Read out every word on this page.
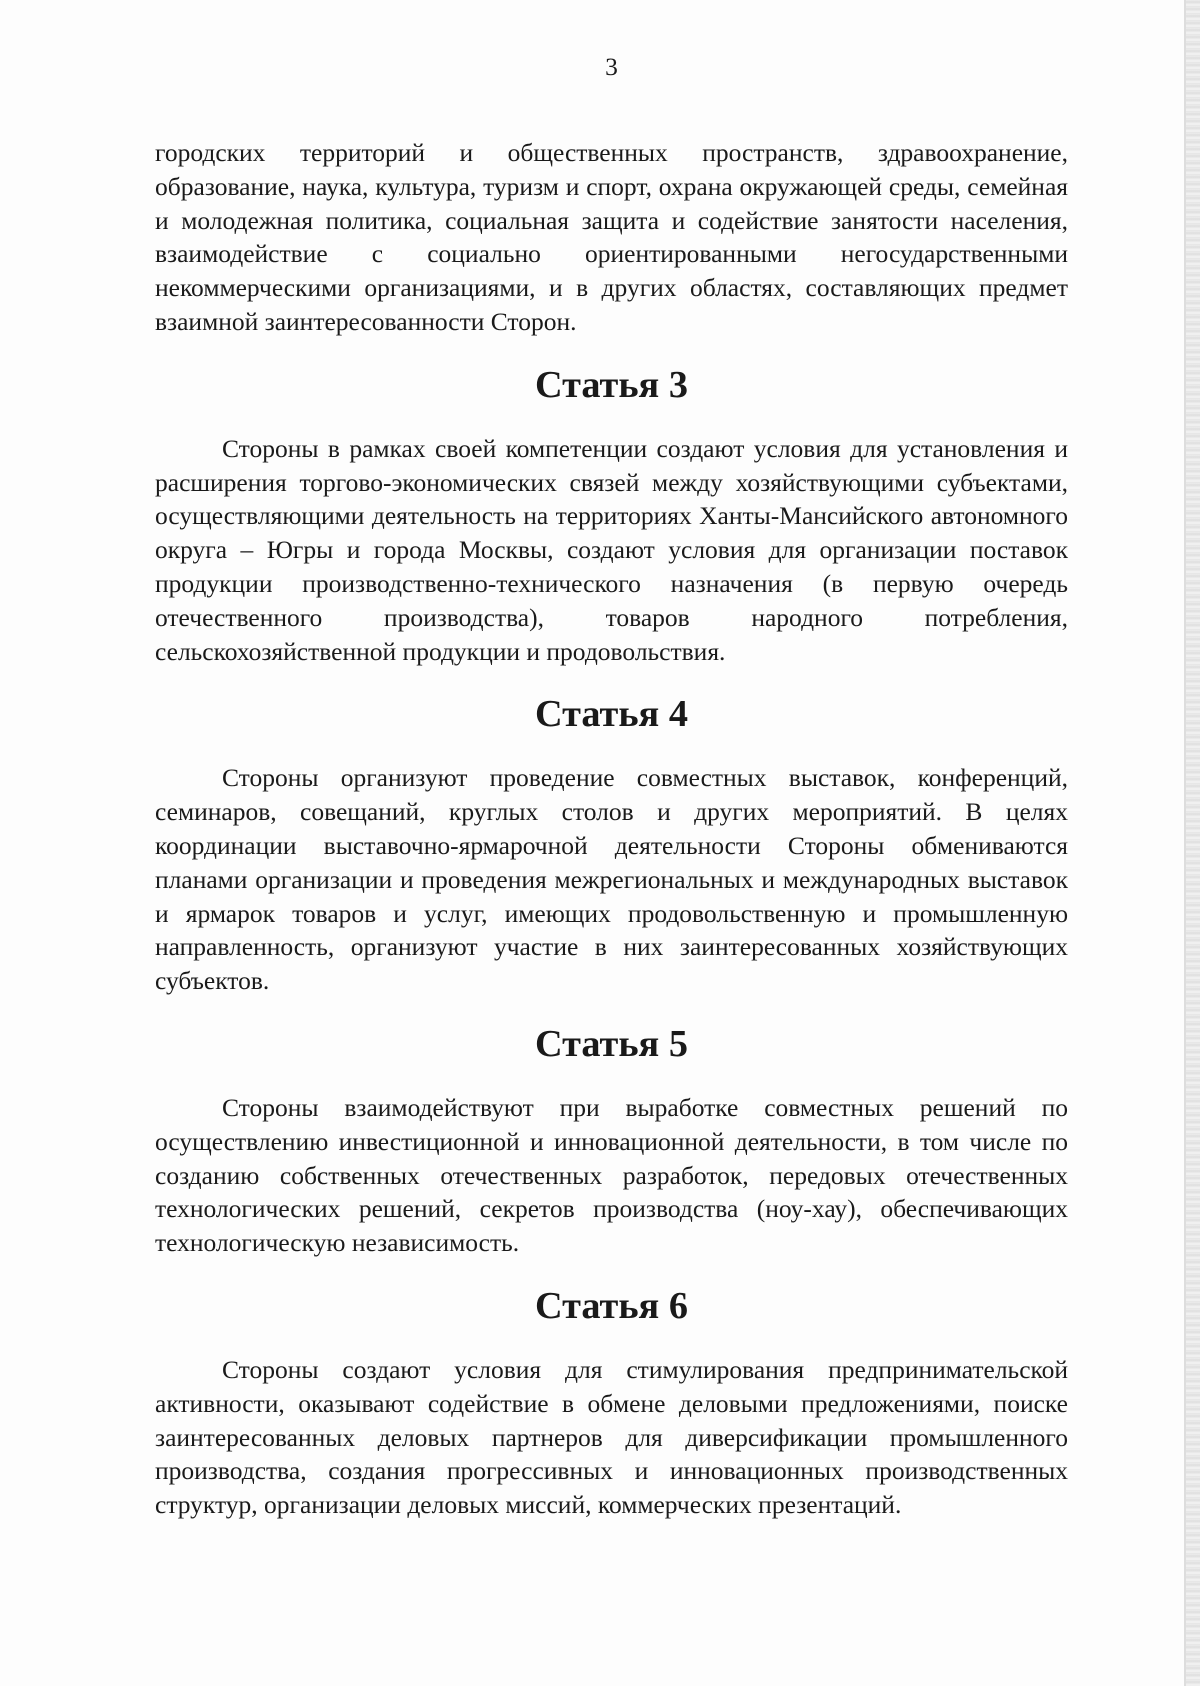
3

городских территорий и общественных пространств, здравоохранение, образование, наука, культура, туризм и спорт, охрана окружающей среды, семейная и молодежная политика, социальная защита и содействие занятости населения, взаимодействие с социально ориентированными негосударственными некоммерческими организациями, и в других областях, составляющих предмет взаимной заинтересованности Сторон.

Статья 3

Стороны в рамках своей компетенции создают условия для установления и расширения торгово-экономических связей между хозяйствующими субъектами, осуществляющими деятельность на территориях Ханты-Мансийского автономного округа – Югры и города Москвы, создают условия для организации поставок продукции производственно-технического назначения (в первую очередь отечественного производства), товаров народного потребления, сельскохозяйственной продукции и продовольствия.

Статья 4

Стороны организуют проведение совместных выставок, конференций, семинаров, совещаний, круглых столов и других мероприятий. В целях координации выставочно-ярмарочной деятельности Стороны обмениваются планами организации и проведения межрегиональных и международных выставок и ярмарок товаров и услуг, имеющих продовольственную и промышленную направленность, организуют участие в них заинтересованных хозяйствующих субъектов.

Статья 5

Стороны взаимодействуют при выработке совместных решений по осуществлению инвестиционной и инновационной деятельности, в том числе по созданию собственных отечественных разработок, передовых отечественных технологических решений, секретов производства (ноу-хау), обеспечивающих технологическую независимость.

Статья 6

Стороны создают условия для стимулирования предпринимательской активности, оказывают содействие в обмене деловыми предложениями, поиске заинтересованных деловых партнеров для диверсификации промышленного производства, создания прогрессивных и инновационных производственных структур, организации деловых миссий, коммерческих презентаций.
